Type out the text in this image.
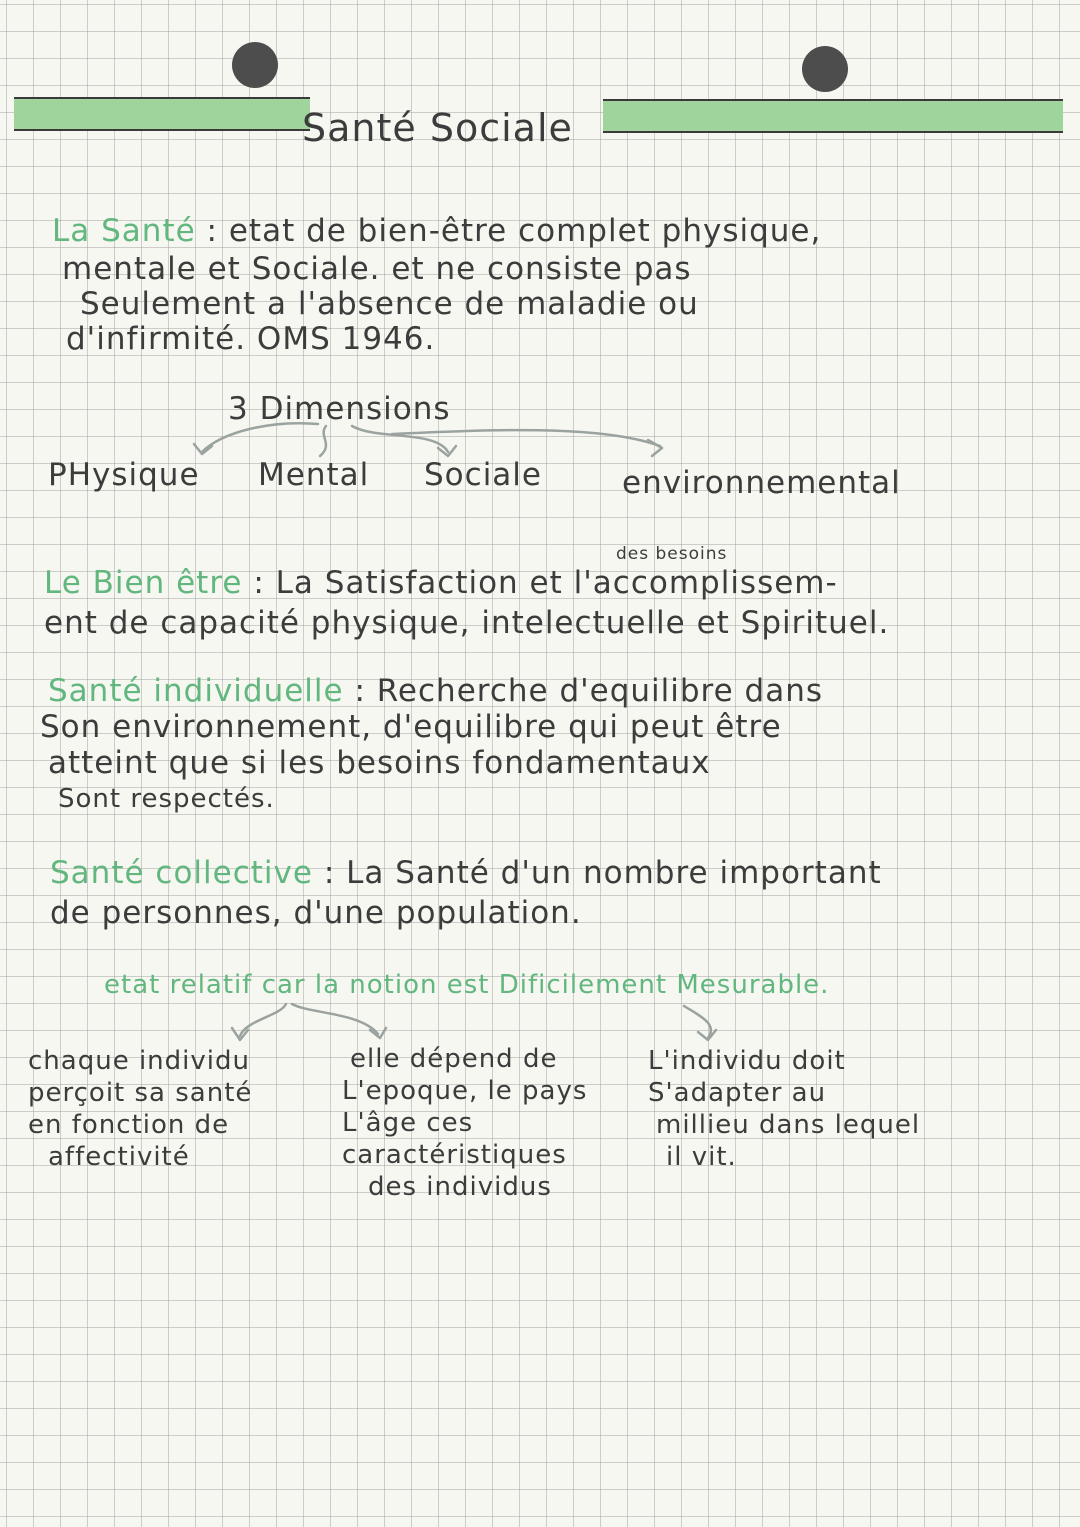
Santé Sociale
La Santé : etat de bien-être complet physique,
mentale et Sociale. et ne consiste pas
Seulement a l'absence de maladie ou
d'infirmité. OMS 1946.
3 Dimensions
PHysique Mental Sociale	environnemental
des besoins
Le Bien être : La Satisfaction et l'accomplissem-
ent de capacité physique, intelectuelle et Spirituel.
Santé individuelle : Recherche d'equilibre dans
Son environnement, d'equilibre qui peut être
atteint que si les besoins fondamentaux
Sont respectés.
Santé collective : La Santé d'un nombre important
de personnes, d'une population.
etat relatif car la notion est Dificilement Mesurable.
chaque individu
perçoit sa santé
en fonction de
affectivité
elle dépend de
L'epoque, le pays
L'âge ces
caractéristiques
des individus
L'individu doit
S'adapter au
millieu dans lequel
il vit.
